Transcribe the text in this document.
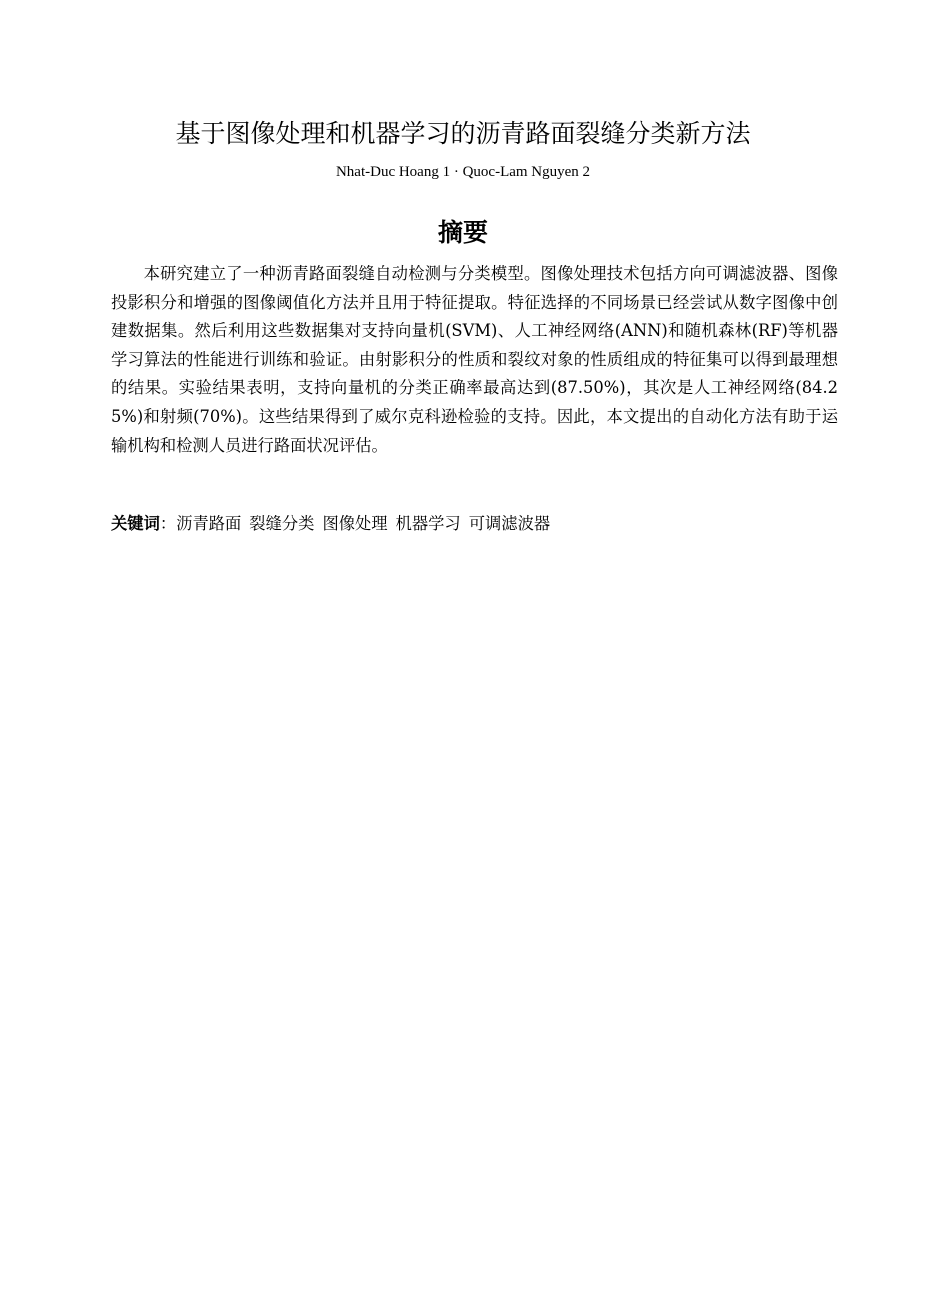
基于图像处理和机器学习的沥青路面裂缝分类新方法
Nhat-Duc Hoang 1 · Quoc-Lam Nguyen 2
摘要

本研究建立了一种沥青路面裂缝自动检测与分类模型。图像处理技术包括方向可调滤波器、图像投影积分和增强的图像阈值化方法并且用于特征提取。特征选择的不同场景已经尝试从数字图像中创建数据集。然后利用这些数据集对支持向量机(SVM)、人工神经网络(ANN)和随机森林(RF)等机器学习算法的性能进行训练和验证。由射影积分的性质和裂纹对象的性质组成的特征集可以得到最理想的结果。实验结果表明，支持向量机的分类正确率最高达到(87.50%)，其次是人工神经网络(84.25%)和射频(70%)。这些结果得到了威尔克科逊检验的支持。因此，本文提出的自动化方法有助于运输机构和检测人员进行路面状况评估。

关键词：沥青路面 裂缝分类 图像处理 机器学习 可调滤波器
